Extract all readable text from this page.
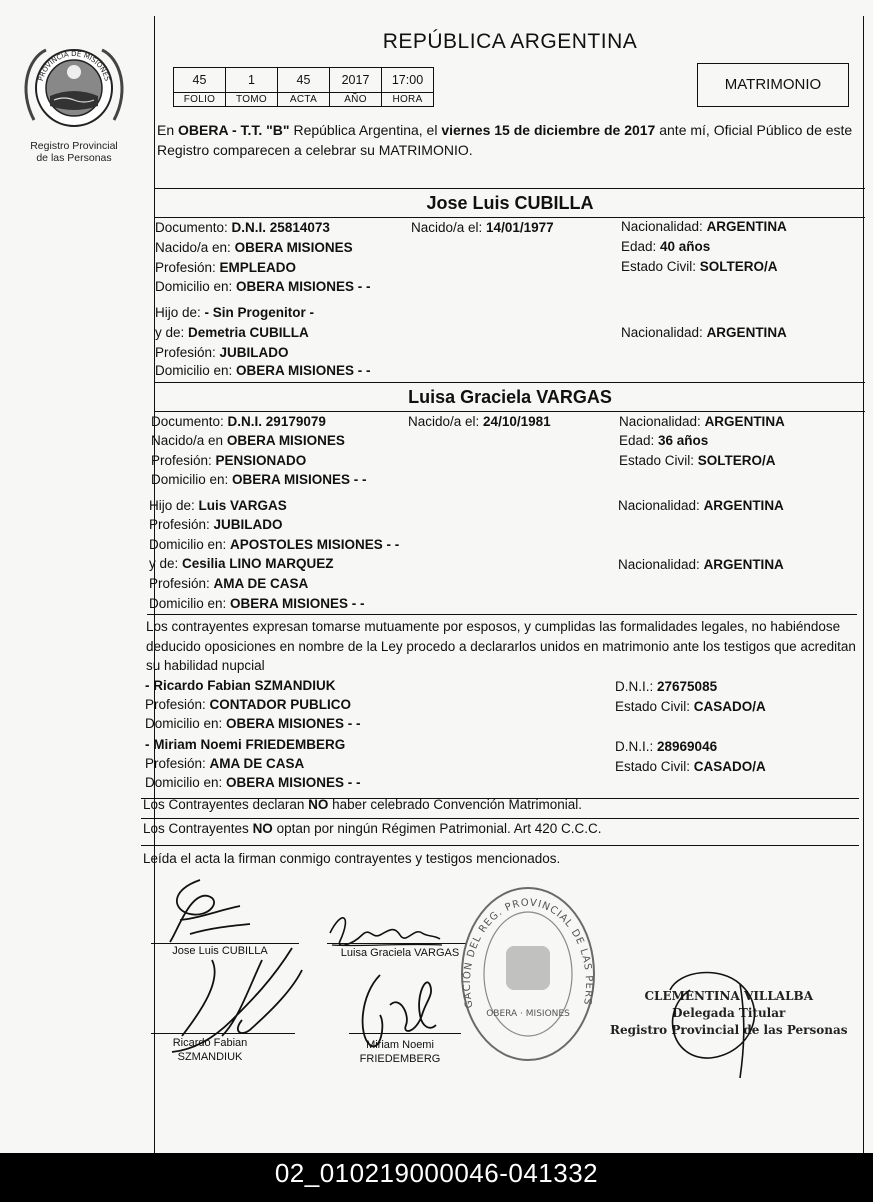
PROVINCIA DE MISIONES
Registro Provincial
de las Personas
REPÚBLICA ARGENTINA
45	1	45	2017	17:00
FOLIO	TOMO	ACTA	AÑO	HORA
MATRIMONIO
En OBERA - T.T. "B" República Argentina, el viernes 15 de diciembre de 2017 ante mí, Oficial Público de este Registro comparecen a celebrar su MATRIMONIO.
Jose Luis CUBILLA
Documento: D.N.I. 25814073	Nacido/a el: 14/01/1977	Nacionalidad: ARGENTINA
Nacido/a en: OBERA MISIONES	Edad: 40 años
Profesión: EMPLEADO	Estado Civil: SOLTERO/A
Domicilio en: OBERA MISIONES - -
Hijo de: - Sin Progenitor -
y de: Demetria CUBILLA	Nacionalidad: ARGENTINA
Profesión: JUBILADO
Domicilio en: OBERA MISIONES - -
Luisa Graciela VARGAS
Documento: D.N.I. 29179079	Nacido/a el: 24/10/1981	Nacionalidad: ARGENTINA
Nacido/a en OBERA MISIONES	Edad: 36 años
Profesión: PENSIONADO	Estado Civil: SOLTERO/A
Domicilio en: OBERA MISIONES - -
Hijo de: Luis VARGAS	Nacionalidad: ARGENTINA
Profesión: JUBILADO
Domicilio en: APOSTOLES MISIONES - -
y de: Cesilia LINO MARQUEZ	Nacionalidad: ARGENTINA
Profesión: AMA DE CASA
Domicilio en: OBERA MISIONES - -
Los contrayentes expresan tomarse mutuamente por esposos, y cumplidas las formalidades legales, no habiéndose deducido oposiciones en nombre de la Ley procedo a declararlos unidos en matrimonio ante los testigos que acreditan su habilidad nupcial
- Ricardo Fabian SZMANDIUK	D.N.I.: 27675085
Profesión: CONTADOR PUBLICO	Estado Civil: CASADO/A
Domicilio en: OBERA MISIONES - -
- Miriam Noemi FRIEDEMBERG	D.N.I.: 28969046
Profesión: AMA DE CASA	Estado Civil: CASADO/A
Domicilio en: OBERA MISIONES - -
Los Contrayentes declaran NO haber celebrado Convención Matrimonial.
Los Contrayentes NO optan por ningún Régimen Patrimonial. Art 420 C.C.C.
Leída el acta la firman conmigo contrayentes y testigos mencionados.
Jose Luis CUBILLA	Luisa Graciela VARGAS
Ricardo Fabian
SZMANDIUK
Miriam Noemi
FRIEDEMBERG
DELEGACION DEL REG. PROVINCIAL DE LAS PERSONAS
OBERA · MISIONES
CLEMENTINA VILLALBA
Delegada Titular
Registro Provincial de las Personas
02_010219000046-041332
